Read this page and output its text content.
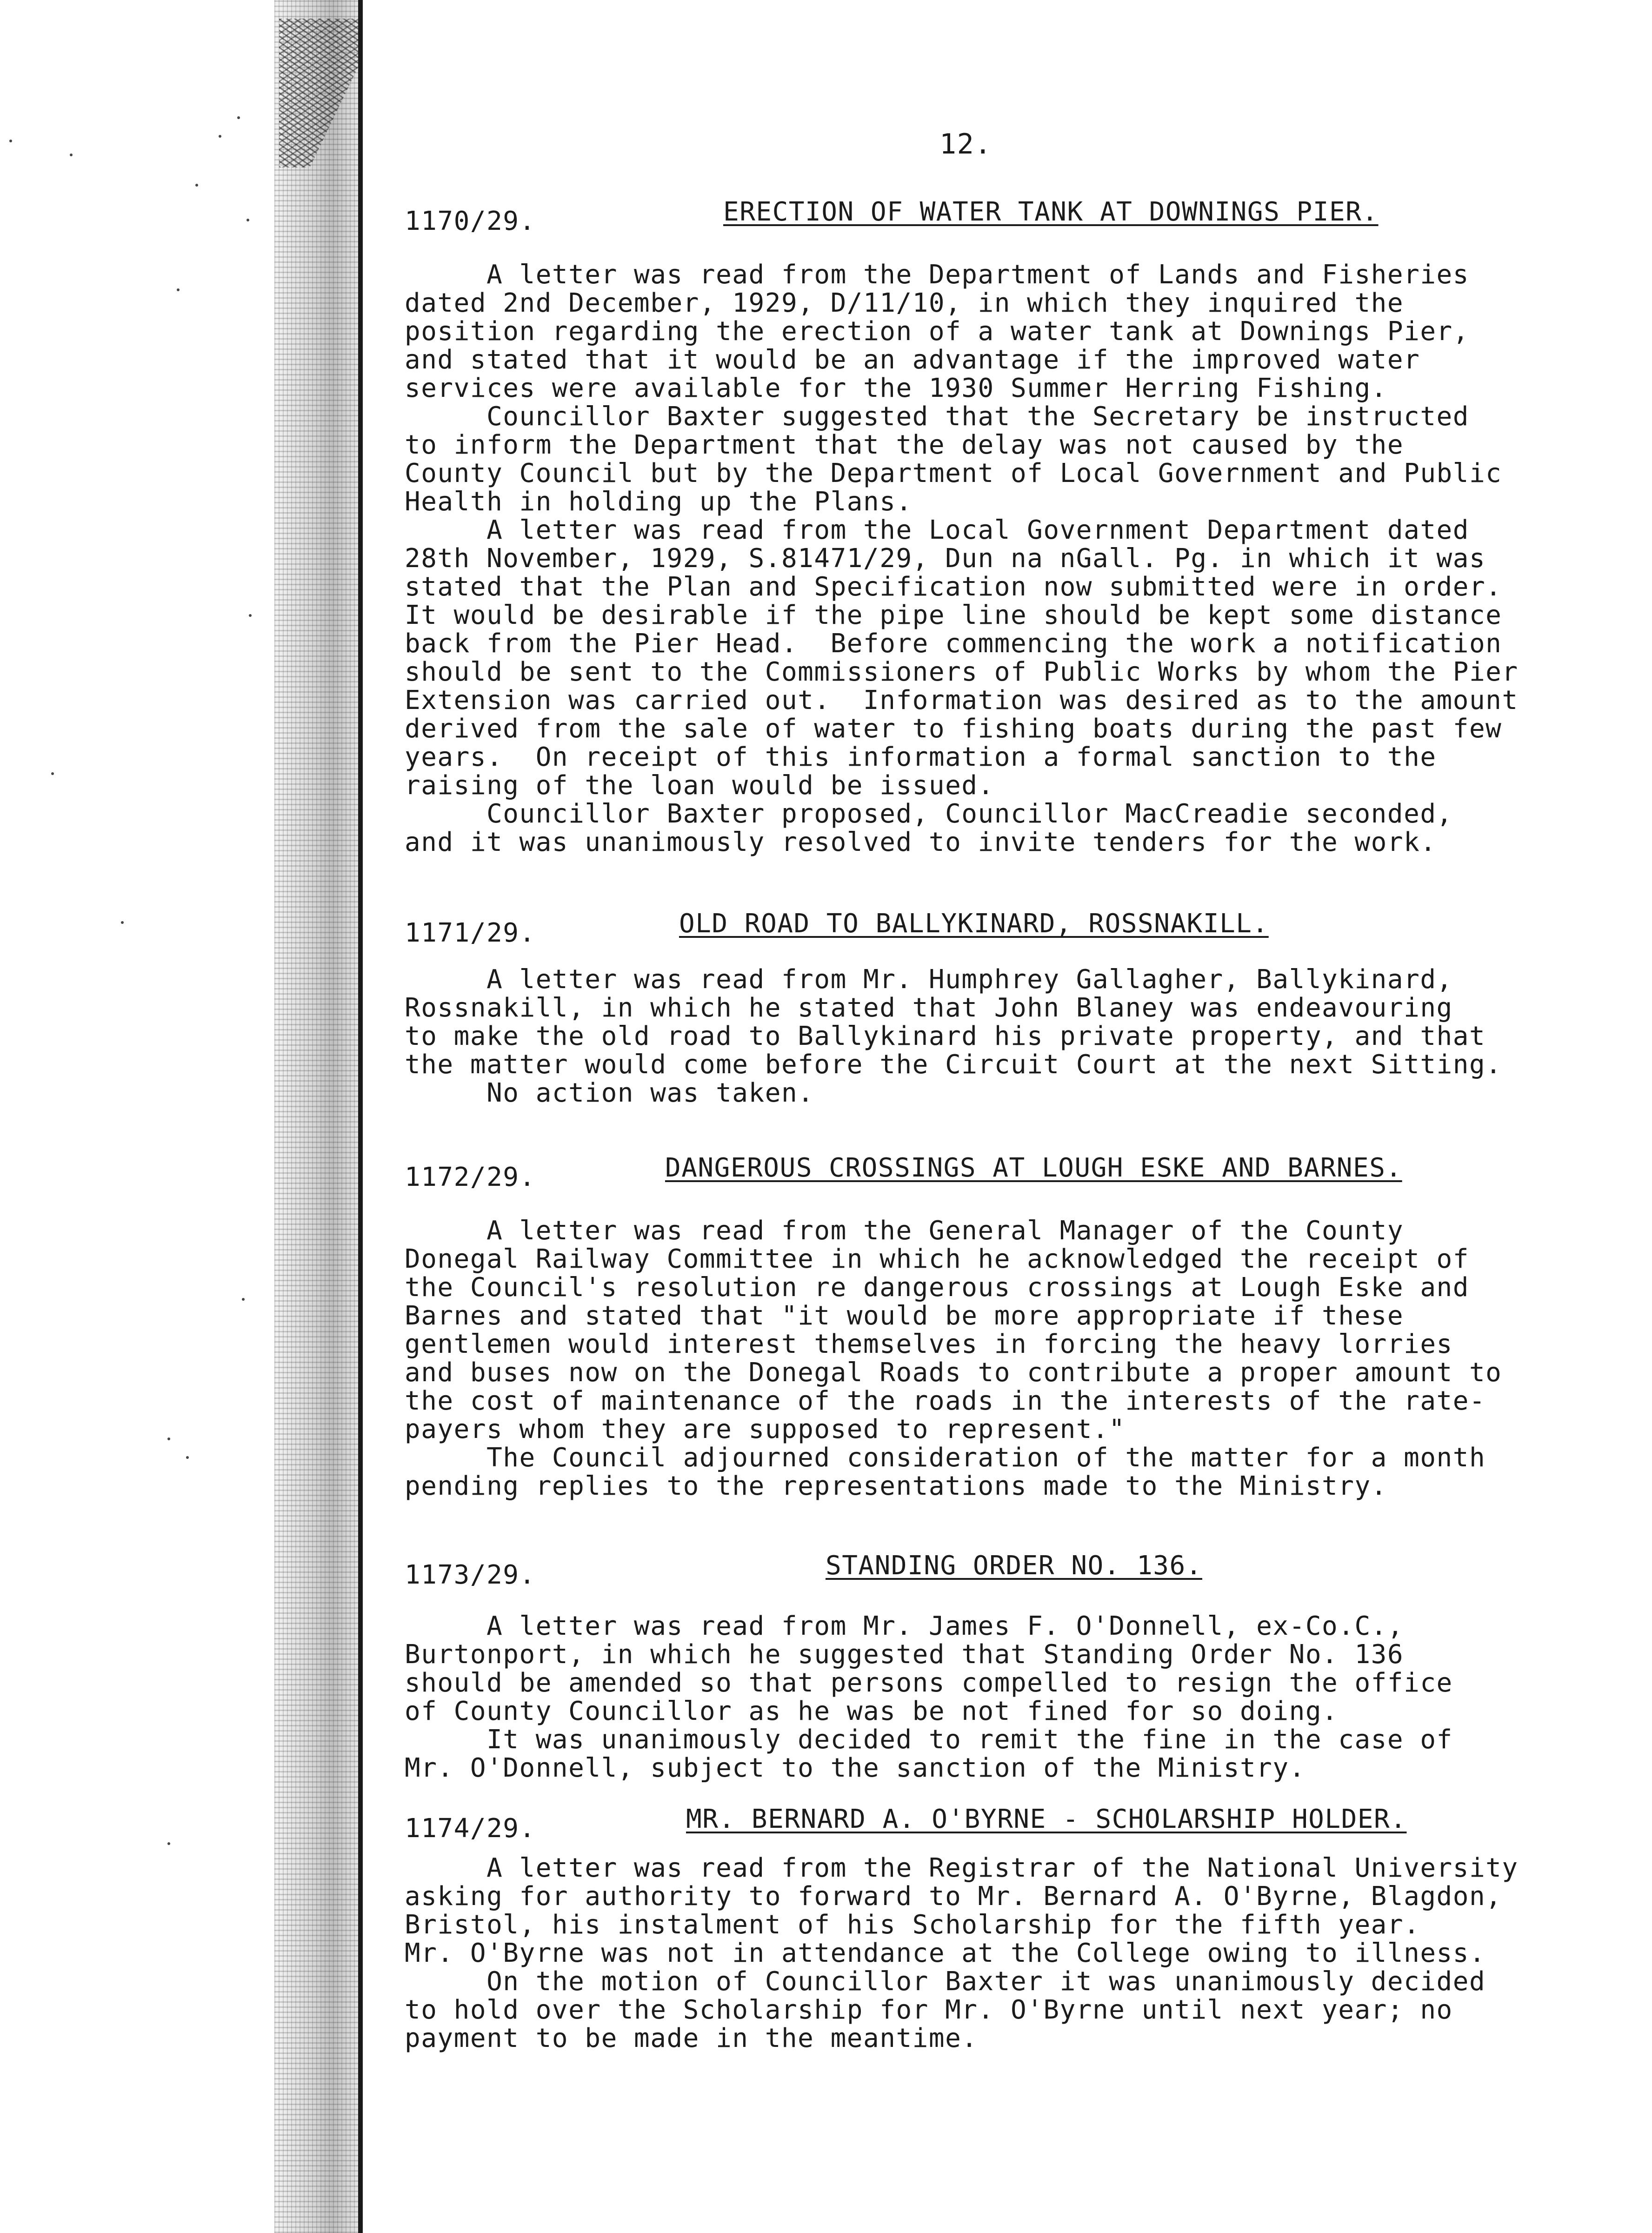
12.
1170/29.	ERECTION OF WATER TANK AT DOWNINGS PIER.

A letter was read from the Department of Lands and Fisheries
dated 2nd December, 1929, D/11/10, in which they inquired the
position regarding the erection of a water tank at Downings Pier,
and stated that it would be an advantage if the improved water
services were available for the 1930 Summer Herring Fishing.

Councillor Baxter suggested that the Secretary be instructed
to inform the Department that the delay was not caused by the
County Council but by the Department of Local Government and Public
Health in holding up the Plans.

A letter was read from the Local Government Department dated
28th November, 1929, S.81471/29, Dun na nGall. Pg. in which it was
stated that the Plan and Specification now submitted were in order.
It would be desirable if the pipe line should be kept some distance
back from the Pier Head.  Before commencing the work a notification
should be sent to the Commissioners of Public Works by whom the Pier
Extension was carried out.  Information was desired as to the amount
derived from the sale of water to fishing boats during the past few
years.  On receipt of this information a formal sanction to the
raising of the loan would be issued.

Councillor Baxter proposed, Councillor MacCreadie seconded,
and it was unanimously resolved to invite tenders for the work.

1171/29.	OLD ROAD TO BALLYKINARD, ROSSNAKILL.

A letter was read from Mr. Humphrey Gallagher, Ballykinard,
Rossnakill, in which he stated that John Blaney was endeavouring
to make the old road to Ballykinard his private property, and that
the matter would come before the Circuit Court at the next Sitting.

No action was taken.

1172/29.	DANGEROUS CROSSINGS AT LOUGH ESKE AND BARNES.

A letter was read from the General Manager of the County
Donegal Railway Committee in which he acknowledged the receipt of
the Council's resolution re dangerous crossings at Lough Eske and
Barnes and stated that "it would be more appropriate if these
gentlemen would interest themselves in forcing the heavy lorries
and buses now on the Donegal Roads to contribute a proper amount to
the cost of maintenance of the roads in the interests of the rate-
payers whom they are supposed to represent."

The Council adjourned consideration of the matter for a month
pending replies to the representations made to the Ministry.

1173/29.	STANDING ORDER NO. 136.

A letter was read from Mr. James F. O'Donnell, ex-Co.C.,
Burtonport, in which he suggested that Standing Order No. 136
should be amended so that persons compelled to resign the office
of County Councillor as he was be not fined for so doing.

It was unanimously decided to remit the fine in the case of
Mr. O'Donnell, subject to the sanction of the Ministry.

1174/29.	MR. BERNARD A. O'BYRNE - SCHOLARSHIP HOLDER.

A letter was read from the Registrar of the National University
asking for authority to forward to Mr. Bernard A. O'Byrne, Blagdon,
Bristol, his instalment of his Scholarship for the fifth year.
Mr. O'Byrne was not in attendance at the College owing to illness.

On the motion of Councillor Baxter it was unanimously decided
to hold over the Scholarship for Mr. O'Byrne until next year; no
payment to be made in the meantime.
